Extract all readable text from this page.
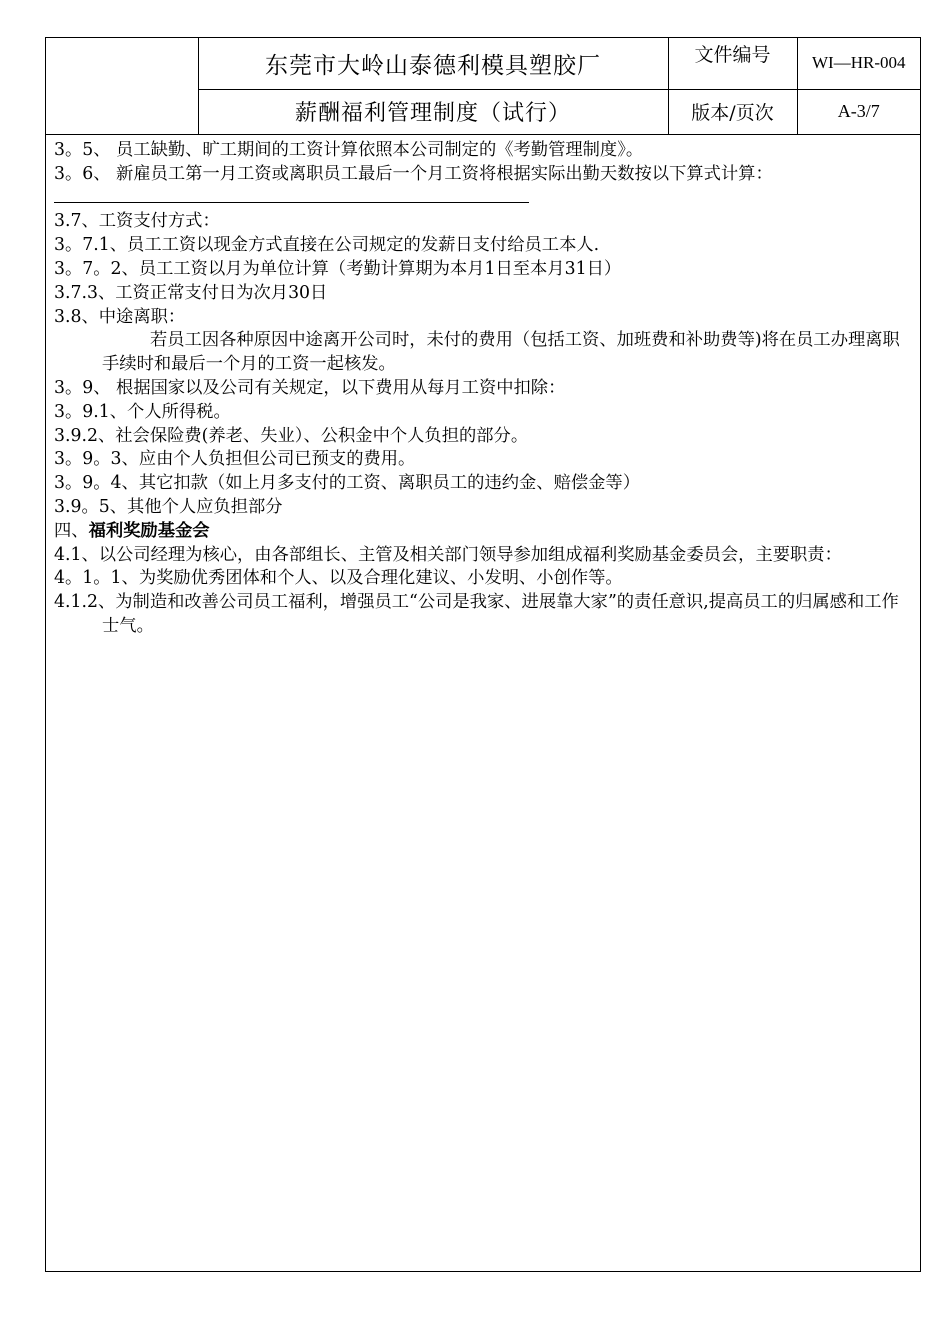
	东莞市大岭山泰德利模具塑胶厂	文件编号	WI—HR-004
	薪酬福利管理制度（试行）	版本/页次	A-3/7

3。5、 员工缺勤、旷工期间的工资计算依照本公司制定的《考勤管理制度》。

3。6、 新雇员工第一月工资或离职员工最后一个月工资将根据实际出勤天数按以下算式计算：

3.7、工资支付方式：

3。7.1、员工工资以现金方式直接在公司规定的发薪日支付给员工本人.

3。7。2、员工工资以月为单位计算（考勤计算期为本月1日至本月31日）

3.7.3、工资正常支付日为次月30日

3.8、中途离职：

若员工因各种原因中途离开公司时，未付的费用（包括工资、加班费和补助费等)将在员工办理离职手续时和最后一个月的工资一起核发。

3。9、 根据国家以及公司有关规定，以下费用从每月工资中扣除：

3。9.1、个人所得税。

3.9.2、社会保险费(养老、失业）、公积金中个人负担的部分。

3。9。3、应由个人负担但公司已预支的费用。

3。9。4、其它扣款（如上月多支付的工资、离职员工的违约金、赔偿金等）

3.9。5、其他个人应负担部分

四、福利奖励基金会

4.1、以公司经理为核心，由各部组长、主管及相关部门领导参加组成福利奖励基金委员会，主要职责：

4。1。1、为奖励优秀团体和个人、以及合理化建议、小发明、小创作等。

4.1.2、为制造和改善公司员工福利，增强员工“公司是我家、进展靠大家”的责任意识,提高员工的归属感和工作士气。
